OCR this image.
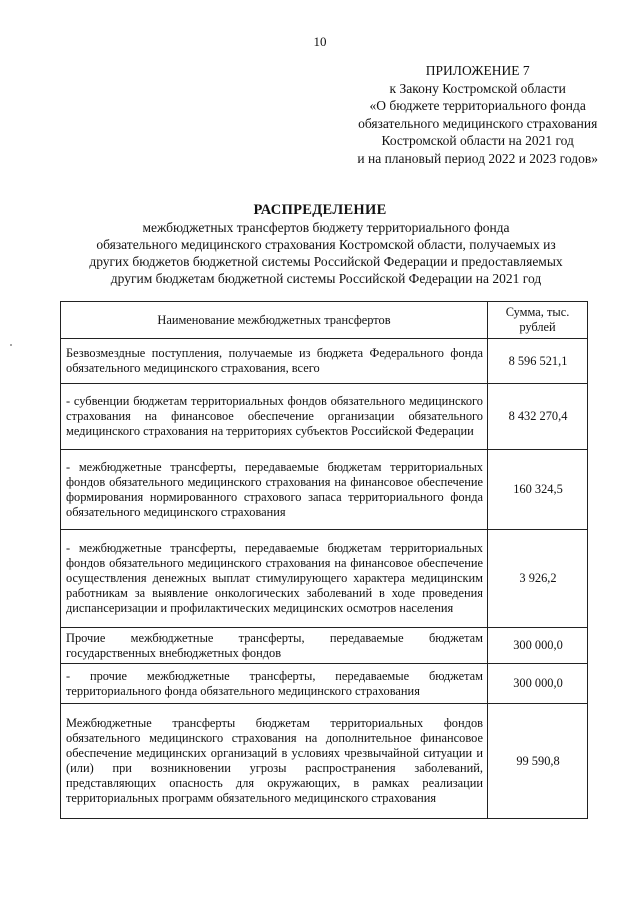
10
ПРИЛОЖЕНИЕ 7
к Закону Костромской области
«О бюджете территориального фонда
обязательного медицинского страхования
Костромской области на 2021 год
и на плановый период 2022 и 2023 годов»
РАСПРЕДЕЛЕНИЕ
межбюджетных трансфертов бюджету территориального фонда
обязательного медицинского страхования Костромской области, получаемых из
других бюджетов бюджетной системы Российской Федерации и предоставляемых
другим бюджетам бюджетной системы Российской Федерации на 2021 год
Наименование межбюджетных трансфертов	Сумма, тыс. рублей
Безвозмездные поступления, получаемые из бюджета Федерального фонда обязательного медицинского страхования, всего	8 596 521,1
- субвенции бюджетам территориальных фондов обязательного медицинского страхования на финансовое обеспечение организации обязательного медицинского страхования на территориях субъектов Российской Федерации	8 432 270,4
- межбюджетные трансферты, передаваемые бюджетам территориальных фондов обязательного медицинского страхования на финансовое обеспечение формирования нормированного страхового запаса территориального фонда обязательного медицинского страхования	160 324,5
- межбюджетные трансферты, передаваемые бюджетам территориальных фондов обязательного медицинского страхования на финансовое обеспечение осуществления денежных выплат стимулирующего характера медицинским работникам за выявление онкологических заболеваний в ходе проведения диспансеризации и профилактических медицинских осмотров населения	3 926,2
Прочие межбюджетные трансферты, передаваемые бюджетам государственных внебюджетных фондов	300 000,0
- прочие межбюджетные трансферты, передаваемые бюджетам территориального фонда обязательного медицинского страхования	300 000,0
Межбюджетные трансферты бюджетам территориальных фондов обязательного медицинского страхования на дополнительное финансовое обеспечение медицинских организаций в условиях чрезвычайной ситуации и (или) при возникновении угрозы распространения заболеваний, представляющих опасность для окружающих, в рамках реализации территориальных программ обязательного медицинского страхования	99 590,8
